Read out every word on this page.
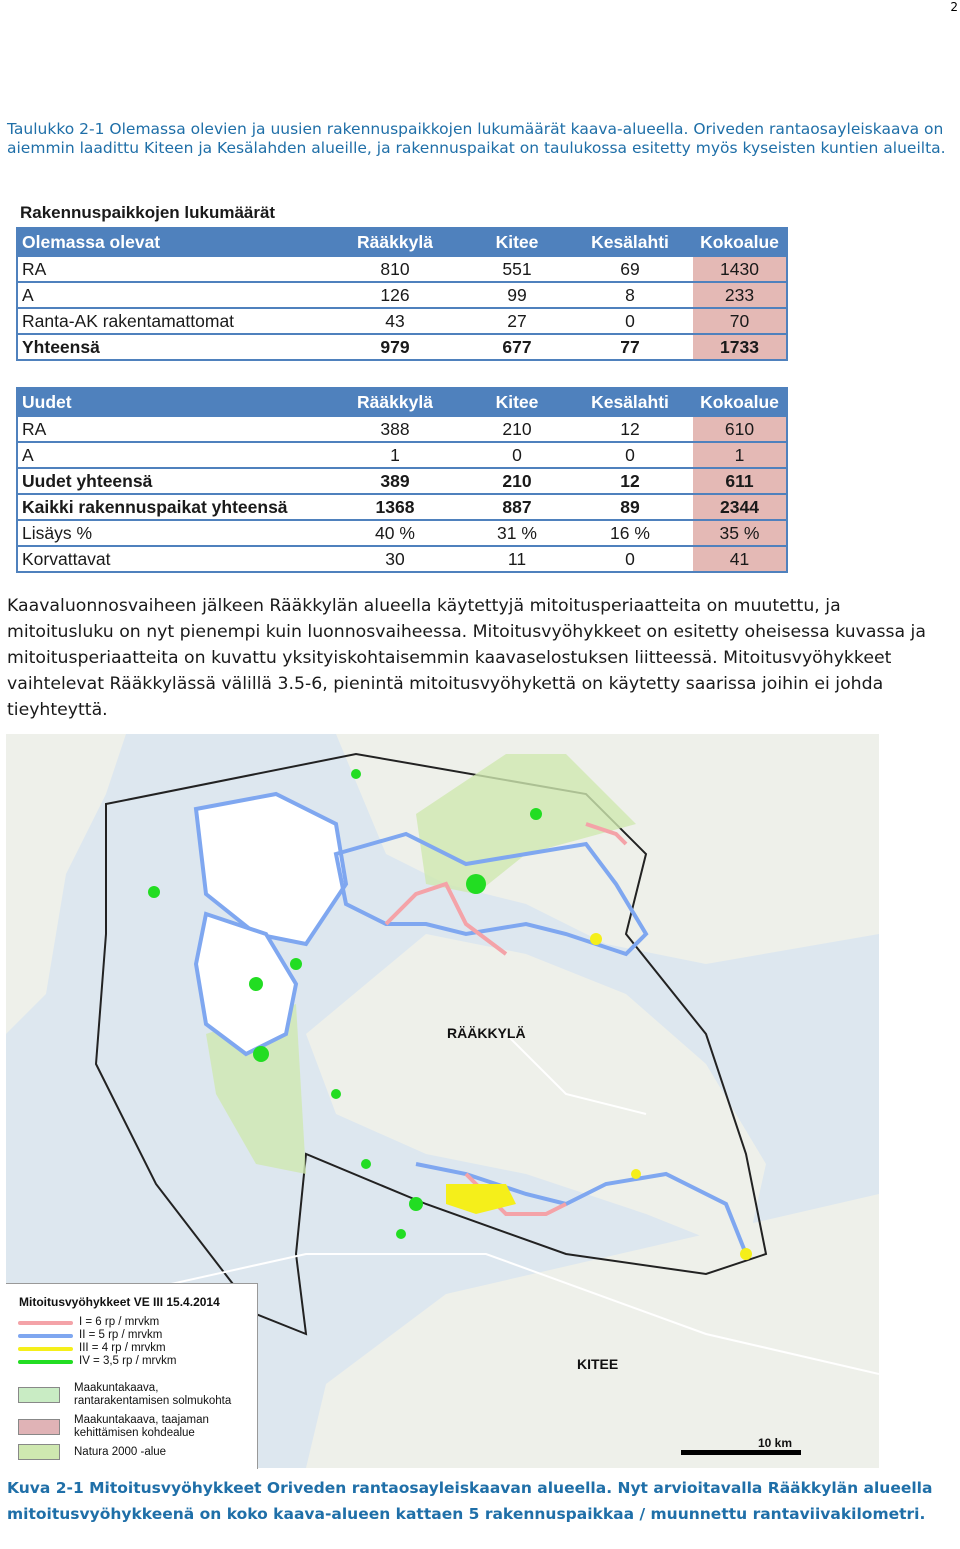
2
Taulukko 2-1 Olemassa olevien ja uusien rakennuspaikkojen lukumäärät kaava-alueella. Oriveden rantaosayleiskaava on aiemmin laadittu Kiteen ja Kesälahden alueille, ja rakennuspaikat on taulukossa esitetty myös kyseisten kuntien alueilta.
Rakennuspaikkojen lukumäärät
Olemassa olevat	Rääkkylä	Kitee	Kesälahti	Kokoalue
RA	810	551	69	1430
A	126	99	8	233
Ranta-AK rakentamattomat	43	27	0	70
Yhteensä	979	677	77	1733
Uudet	Rääkkylä	Kitee	Kesälahti	Kokoalue
RA	388	210	12	610
A	1	0	0	1
Uudet yhteensä	389	210	12	611
Kaikki rakennuspaikat yhteensä	1368	887	89	2344
Lisäys %	40 %	31 %	16 %	35 %
Korvattavat	30	11	0	41
Kaavaluonnosvaiheen jälkeen Rääkkylän alueella käytettyjä mitoitusperiaatteita on muutettu, ja mitoitusluku on nyt pienempi kuin luonnosvaiheessa. Mitoitusvyöhykkeet on esitetty oheisessa kuvassa ja mitoitusperiaatteita on kuvattu yksityiskohtaisemmin kaavaselostuksen liitteessä. Mitoitusvyöhykkeet vaihtelevat Rääkkylässä välillä 3.5-6, pienintä mitoitusvyöhykettä on käytetty saarissa joihin ei johda tieyhteyttä.
RÄÄKKYLÄ
KITEE
10 km
Mitoitusvyöhykkeet VE III 15.4.2014
I = 6 rp / mrvkm
II = 5 rp / mrvkm
III = 4 rp / mrvkm
IV = 3,5 rp / mrvkm
Maakuntakaava, rantarakentamisen solmukohta
Maakuntakaava, taajaman kehittämisen kohdealue
Natura 2000 -alue
Kuva 2-1 Mitoitusvyöhykkeet Oriveden rantaosayleiskaavan alueella. Nyt arvioitavalla Rääkkylän alueella mitoitusvyöhykkeenä on koko kaava-alueen kattaen 5 rakennuspaikkaa / muunnettu rantaviivakilometri.
